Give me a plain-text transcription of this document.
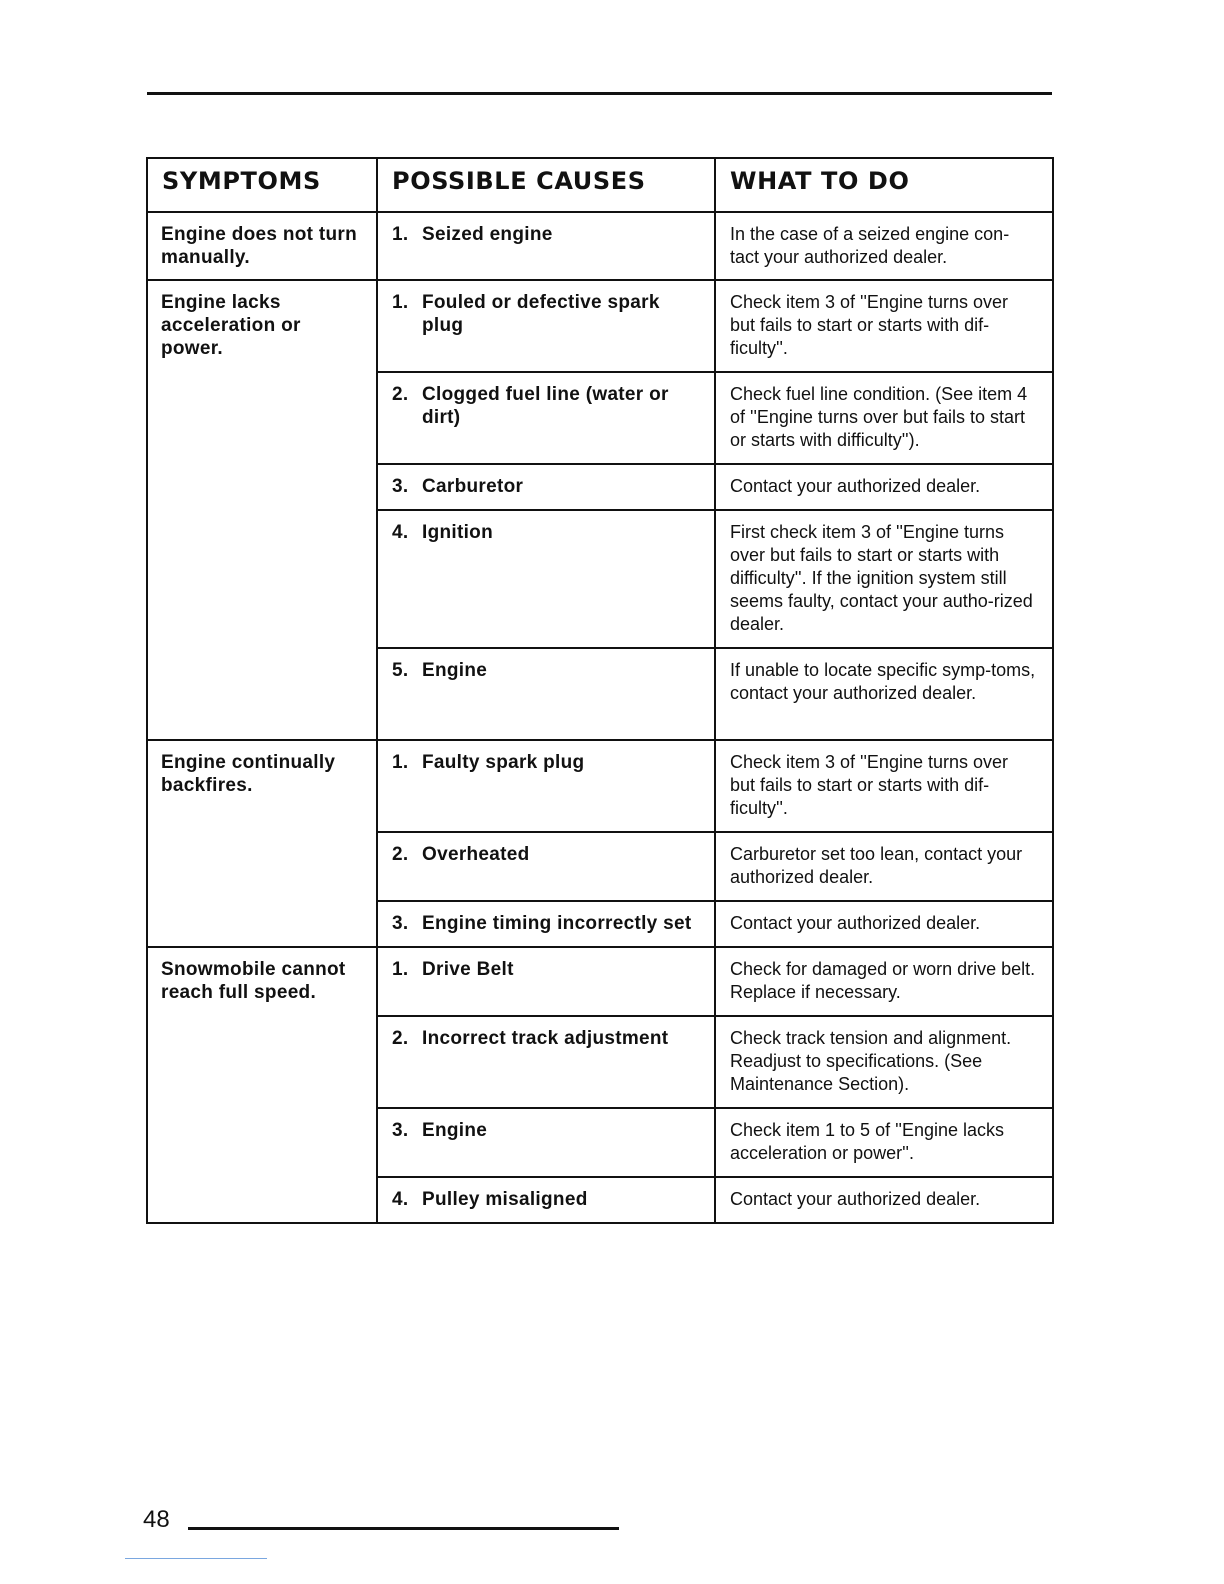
SYMPTOMS	POSSIBLE CAUSES	WHAT TO DO
Engine does not turn manually.	1. Seized engine	In the case of a seized engine con-tact your authorized dealer.
Engine lacks acceleration or power.	1. Fouled or defective spark plug	Check item 3 of ''Engine turns over but fails to start or starts with dif-ficulty''.

	2. Clogged fuel line (water or dirt)	Check fuel line condition. (See item 4 of ''Engine turns over but fails to start or starts with difficulty'').

	3. Carburetor	Contact your authorized dealer.

	4. Ignition	First check item 3 of ''Engine turns over but fails to start or starts with difficulty''. If the ignition system still seems faulty, contact your autho-rized dealer.

	5. Engine	If unable to locate specific symp-toms, contact your authorized dealer.
Engine continually backfires.	1. Faulty spark plug	Check item 3 of ''Engine turns over but fails to start or starts with dif-ficulty''.

	2. Overheated	Carburetor set too lean, contact your authorized dealer.

	3. Engine timing incorrectly set	Contact your authorized dealer.
Snowmobile cannot reach full speed.	1. Drive Belt	Check for damaged or worn drive belt. Replace if necessary.

	2. Incorrect track adjustment	Check track tension and alignment. Readjust to specifications. (See Maintenance Section).

	3. Engine	Check item 1 to 5 of ''Engine lacks acceleration or power''.

	4. Pulley misaligned	Contact your authorized dealer.
48
